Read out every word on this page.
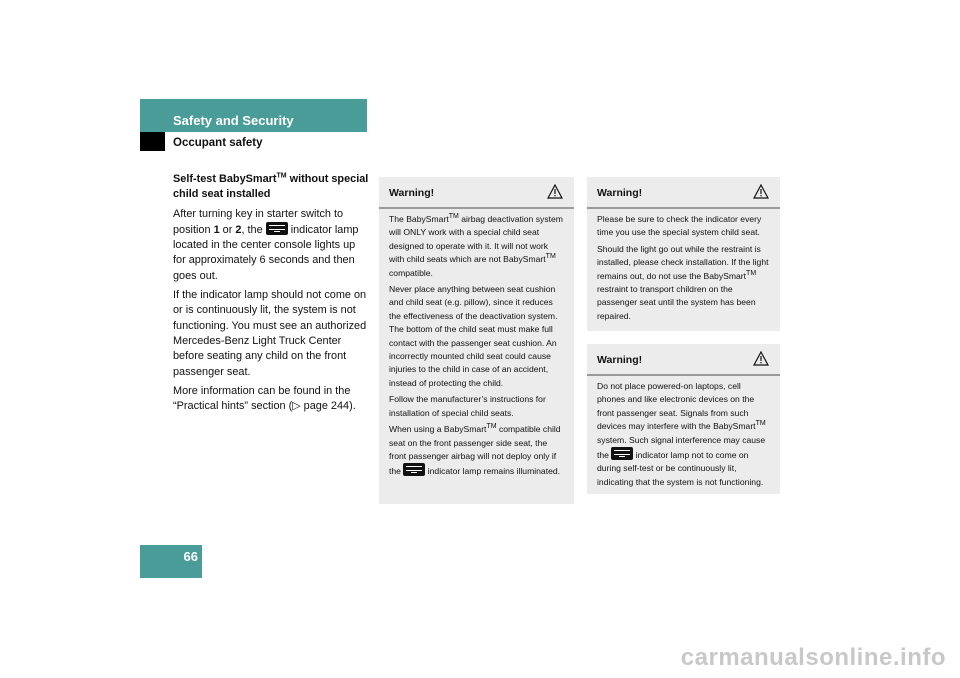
Safety and Security
Occupant safety

Self-test BabySmart™ without special child seat installed

After turning key in starter switch to position 1 or 2, the  indicator lamp located in the center console lights up for approximately 6 seconds and then goes out.

If the indicator lamp should not come on or is continuously lit, the system is not functioning. You must see an authorized Mercedes-Benz Light Truck Center before seating any child on the front passenger seat.

More information can be found in the “Practical hints” section (▷ page 244).

Warning!

The BabySmart™ airbag deactivation system will ONLY work with a special child seat designed to operate with it. It will not work with child seats which are not BabySmart™ compatible.

Never place anything between seat cushion and child seat (e.g. pillow), since it reduces the effectiveness of the deactivation system. The bottom of the child seat must make full contact with the passenger seat cushion. An incorrectly mounted child seat could cause injuries to the child in case of an accident, instead of protecting the child.

Follow the manufacturer’s instructions for installation of special child seats.

When using a BabySmart™ compatible child seat on the front passenger side seat, the front passenger airbag will not deploy only if the	indicator lamp remains illuminated.

Warning!

Please be sure to check the indicator every time you use the special system child seat.

Should the light go out while the restraint is installed, please check installation. If the light remains out, do not use the BabySmart™ restraint to transport children on the passenger seat until the system has been repaired.

Warning!

Do not place powered-on laptops, cell phones and like electronic devices on the front passenger seat. Signals from such devices may interfere with the BabySmart™ system. Such signal interference may cause the	indicator lamp not to come on during self-test or be continuously lit, indicating that the system is not functioning.

66
carmanualsonline.info
